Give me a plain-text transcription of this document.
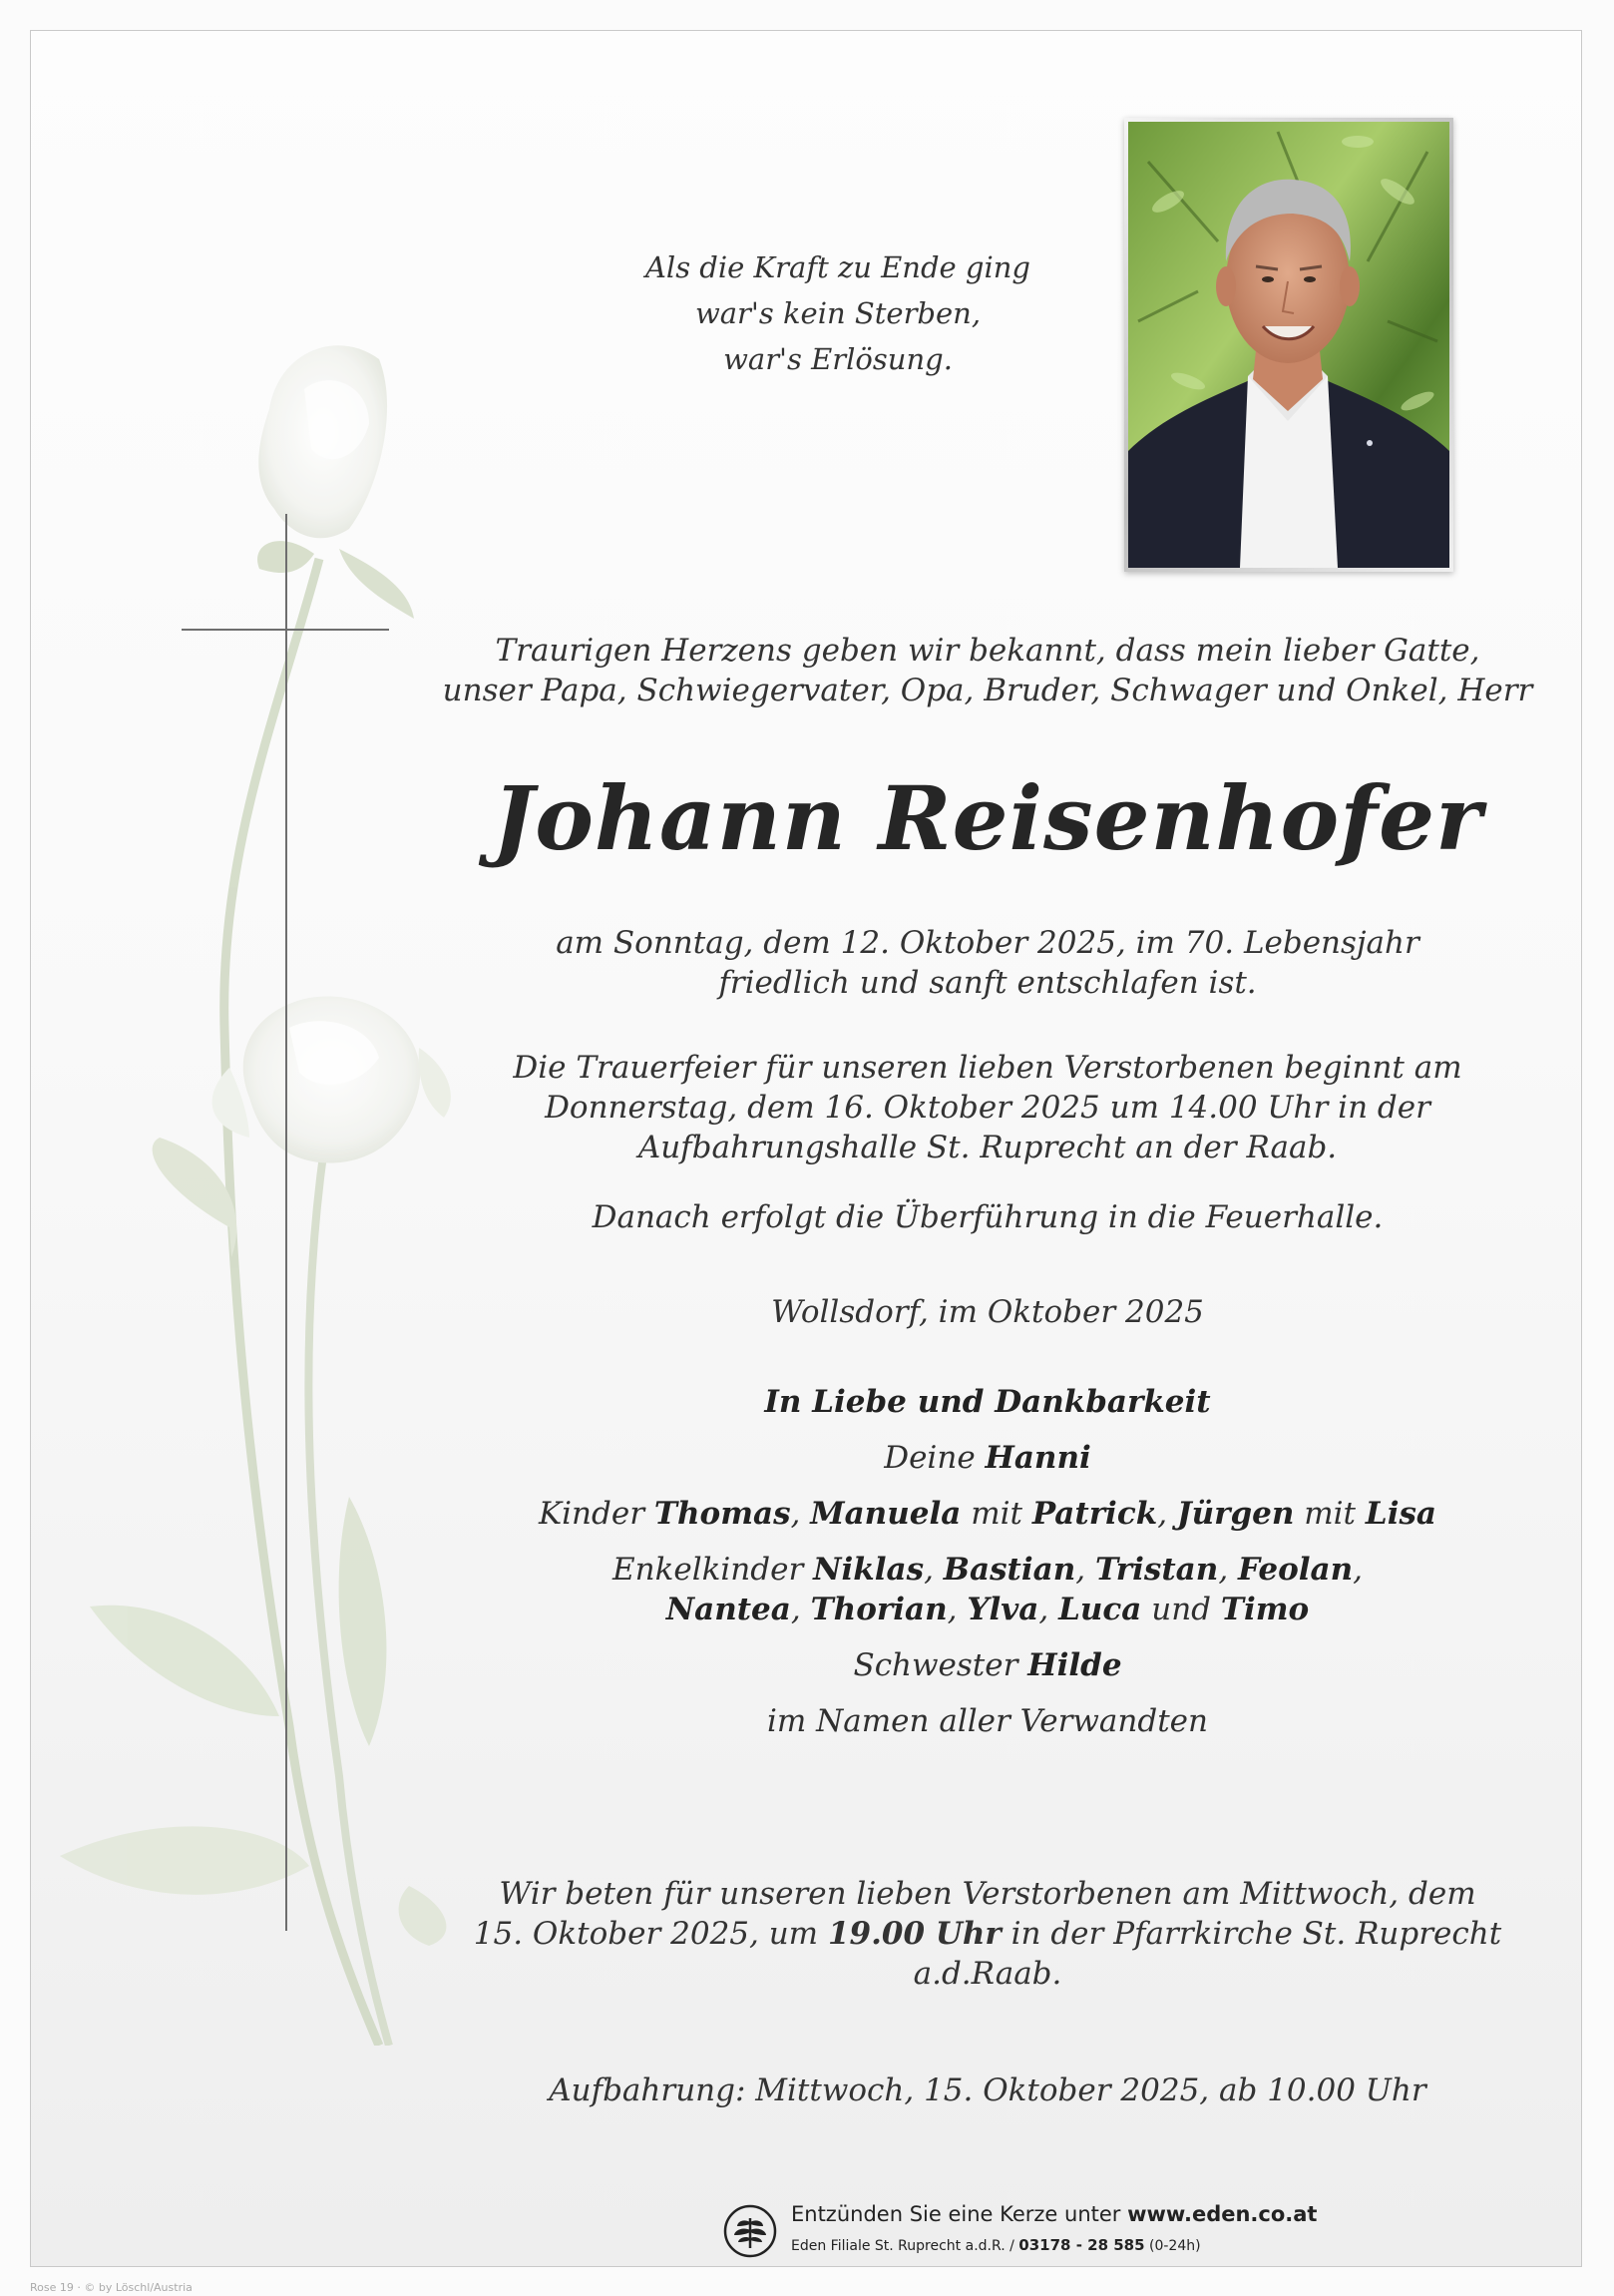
Als die Kraft zu Ende ging
war's kein Sterben,
war's Erlösung.
Traurigen Herzens geben wir bekannt, dass mein lieber Gatte,
unser Papa, Schwiegervater, Opa, Bruder, Schwager und Onkel, Herr
Johann Reisenhofer
am Sonntag, dem 12. Oktober 2025, im 70. Lebensjahr
friedlich und sanft entschlafen ist.
Die Trauerfeier für unseren lieben Verstorbenen beginnt am
Donnerstag, dem 16. Oktober 2025 um 14.00 Uhr in der
Aufbahrungshalle St. Ruprecht an der Raab.
Danach erfolgt die Überführung in die Feuerhalle.
Wollsdorf, im Oktober 2025
In Liebe und Dankbarkeit
Deine Hanni
Kinder Thomas, Manuela mit Patrick, Jürgen mit Lisa
Enkelkinder Niklas, Bastian, Tristan, Feolan,
Nantea, Thorian, Ylva, Luca und Timo
Schwester Hilde
im Namen aller Verwandten
Wir beten für unseren lieben Verstorbenen am Mittwoch, dem
15. Oktober 2025, um 19.00 Uhr in der Pfarrkirche St. Ruprecht a.d.Raab.
Aufbahrung: Mittwoch, 15. Oktober 2025, ab 10.00 Uhr
Entzünden Sie eine Kerze unter www.eden.co.at
Eden Filiale St. Ruprecht a.d.R. / 03178 - 28 585 (0-24h)
Rose 19 · © by Löschl/Austria
